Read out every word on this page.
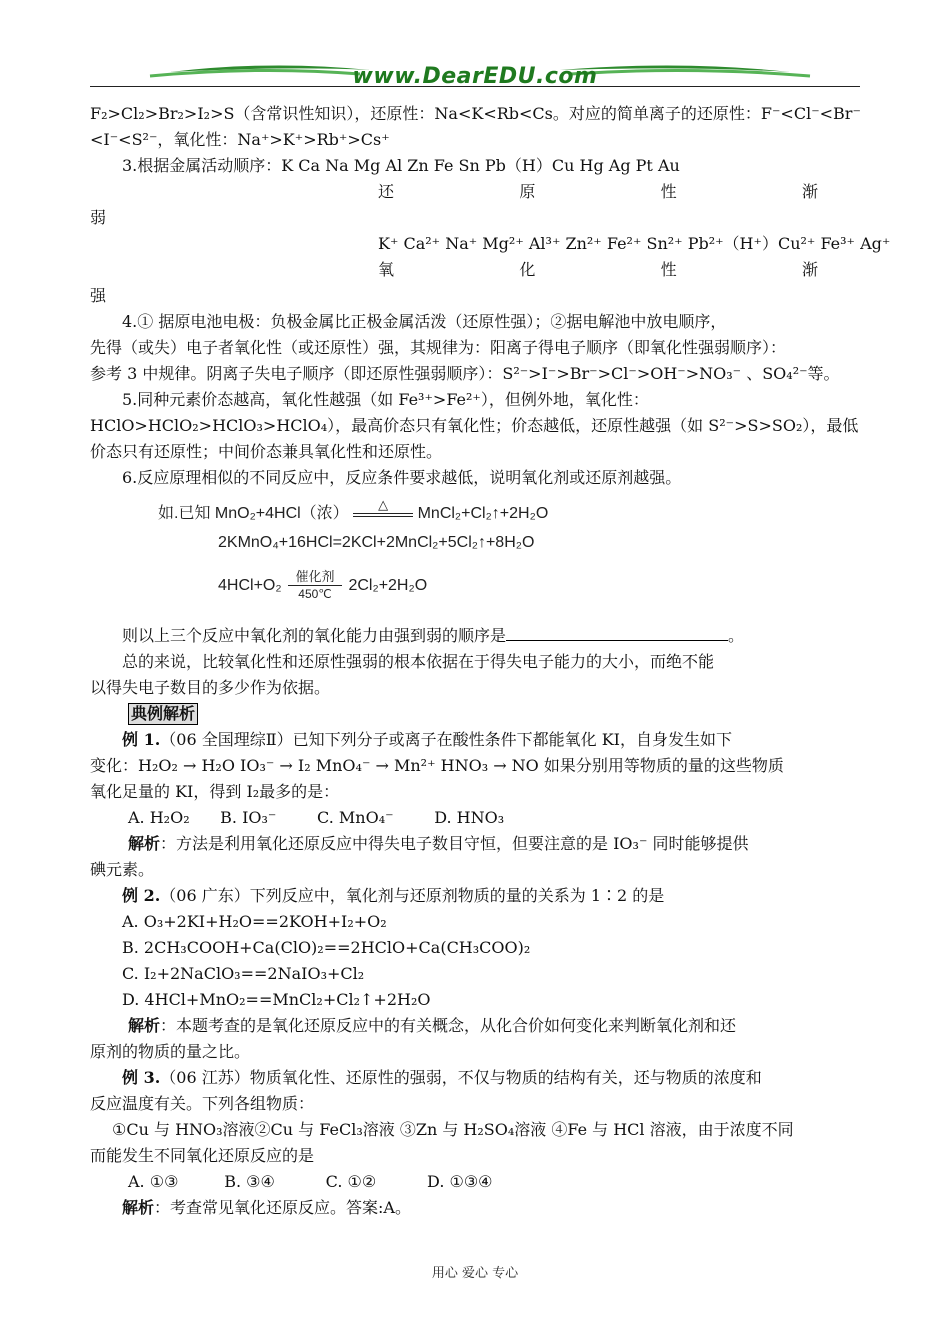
www.DearEDU.com
F₂>Cl₂>Br₂>I₂>S（含常识性知识），还原性：Na<K<Rb<Cs。对应的简单离子的还原性：F⁻<Cl⁻<Br⁻
<I⁻<S²⁻，氧化性：Na⁺>K⁺>Rb⁺>Cs⁺
3.根据金属活动顺序：K Ca Na Mg Al Zn Fe Sn Pb（H）Cu Hg Ag Pt Au
还	原	性	渐
弱
K⁺ Ca²⁺ Na⁺ Mg²⁺ Al³⁺ Zn²⁺ Fe²⁺ Sn²⁺ Pb²⁺（H⁺）Cu²⁺ Fe³⁺ Ag⁺
氧	化	性	渐
强
4.① 据原电池电极：负极金属比正极金属活泼（还原性强）；②据电解池中放电顺序，
先得（或失）电子者氧化性（或还原性）强，其规律为：阳离子得电子顺序（即氧化性强弱顺序）：
参考 3 中规律。阴离子失电子顺序（即还原性强弱顺序）：S²⁻>I⁻>Br⁻>Cl⁻>OH⁻>NO₃⁻ 、SO₄²⁻等。
5.同种元素价态越高，氧化性越强（如 Fe³⁺>Fe²⁺），但例外地，氧化性：
HClO>HClO₂>HClO₃>HClO₄），最高价态只有氧化性；价态越低，还原性越强（如 S²⁻>S>SO₂），最低
价态只有还原性；中间价态兼具氧化性和还原性。
6.反应原理相似的不同反应中，反应条件要求越低，说明氧化剂或还原剂越强。
如.已知 MnO₂+4HCl（浓）
△
MnCl₂+Cl₂↑+2H₂O
2KMnO₄+16HCl=2KCl+2MnCl₂+5Cl₂↑+8H₂O
4HCl+O₂
催化剂
450℃	2Cl₂+2H₂O
则以上三个反应中氧化剂的氧化能力由强到弱的顺序是	。
总的来说，比较氧化性和还原性强弱的根本依据在于得失电子能力的大小，而绝不能
以得失电子数目的多少作为依据。
典例解析
例 1.（06 全国理综Ⅱ）已知下列分子或离子在酸性条件下都能氧化 KI，自身发生如下
变化：H₂O₂ → H₂O IO₃⁻ → I₂ MnO₄⁻ → Mn²⁺ HNO₃ → NO 如果分别用等物质的量的这些物质
氧化足量的 KI，得到 I₂最多的是：
A. H₂O₂      B. IO₃⁻        C. MnO₄⁻        D. HNO₃
解析：方法是利用氧化还原反应中得失电子数目守恒，但要注意的是 IO₃⁻ 同时能够提供
碘元素。
例 2.（06 广东）下列反应中，氧化剂与还原剂物质的量的关系为 1∶2 的是
A. O₃+2KI+H₂O==2KOH+I₂+O₂
B. 2CH₃COOH+Ca(ClO)₂==2HClO+Ca(CH₃COO)₂
C. I₂+2NaClO₃==2NaIO₃+Cl₂
D. 4HCl+MnO₂==MnCl₂+Cl₂↑+2H₂O
解析：本题考查的是氧化还原反应中的有关概念，从化合价如何变化来判断氧化剂和还
原剂的物质的量之比。
例 3.（06 江苏）物质氧化性、还原性的强弱，不仅与物质的结构有关，还与物质的浓度和
反应温度有关。下列各组物质：
①Cu 与 HNO₃溶液②Cu 与 FeCl₃溶液 ③Zn 与 H₂SO₄溶液 ④Fe 与 HCl 溶液，由于浓度不同
而能发生不同氧化还原反应的是
A. ①③         B. ③④          C. ①②          D. ①③④
解析：考查常见氧化还原反应。答案:A。
用心 爱心 专心
